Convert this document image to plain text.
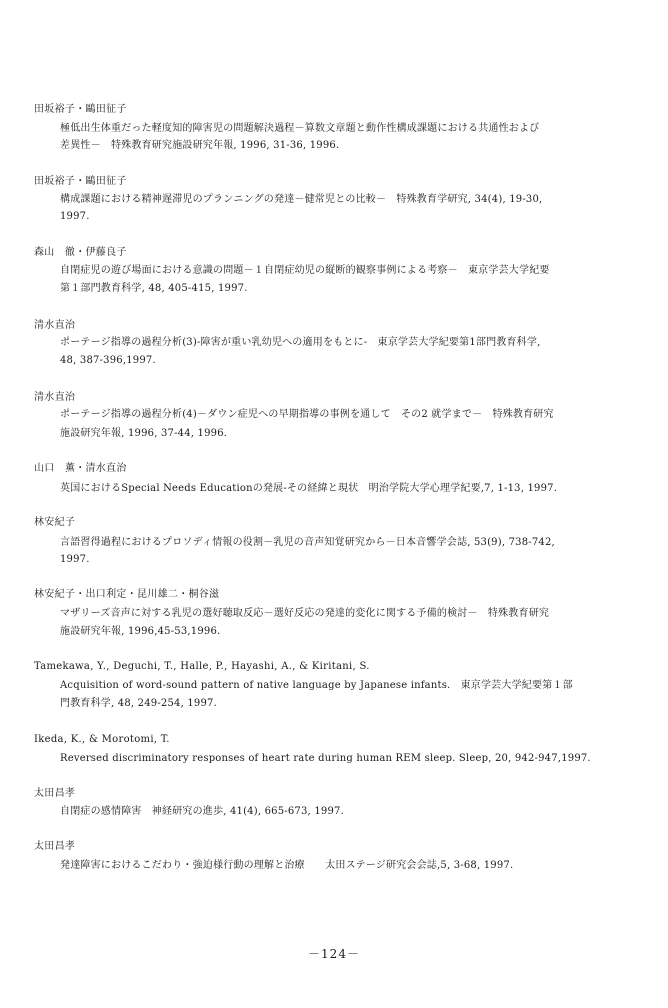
田坂裕子・鷗田征子
極低出生体重だった軽度知的障害児の問題解決過程－算数文章題と動作性構成課題における共通性および
差異性－　特殊教育研究施設研究年報, 1996, 31-36, 1996.
田坂裕子・鷗田征子
構成課題における精神遅滞児のプランニングの発達－健常児との比較－　特殊教育学研究, 34(4), 19-30,
1997.
森山　徹・伊藤良子
自閉症児の遊び場面における意識の問題－１自閉症幼児の縦断的観察事例による考察－　東京学芸大学紀要
第１部門教育科学, 48, 405-415, 1997.
清水直治
ポーテージ指導の過程分析(3)-障害が重い乳幼児への適用をもとに-　東京学芸大学紀要第1部門教育科学,
48, 387-396,1997.
清水直治
ポーテージ指導の過程分析(4)－ダウン症児への早期指導の事例を通して　その2 就学まで－　特殊教育研究
施設研究年報, 1996, 37-44, 1996.
山口　薫・清水直治
英国におけるSpecial Needs Educationの発展-その経緯と現状　明治学院大学心理学紀要,7, 1-13, 1997.
林安紀子
言語習得過程におけるプロソディ情報の役割－乳児の音声知覚研究から－日本音響学会誌, 53(9), 738-742,
1997.
林安紀子・出口利定・昆川雄二・桐谷滋
マザリーズ音声に対する乳児の選好聴取反応－選好反応の発達的変化に関する予備的検討－　特殊教育研究
施設研究年報, 1996,45-53,1996.
Tamekawa, Y., Deguchi, T., Halle, P., Hayashi, A., & Kiritani, S.
Acquisition of word-sound pattern of native language by Japanese infants.　東京学芸大学紀要第１部
門教育科学, 48, 249-254, 1997.
Ikeda, K., & Morotomi, T.
Reversed discriminatory responses of heart rate during human REM sleep. Sleep, 20, 942-947,1997.
太田昌孝
自閉症の感情障害　神経研究の進歩, 41(4), 665-673, 1997.
太田昌孝
発達障害におけるこだわり・強迫様行動の理解と治療　　太田ステージ研究会会誌,5, 3-68, 1997.
－124－
